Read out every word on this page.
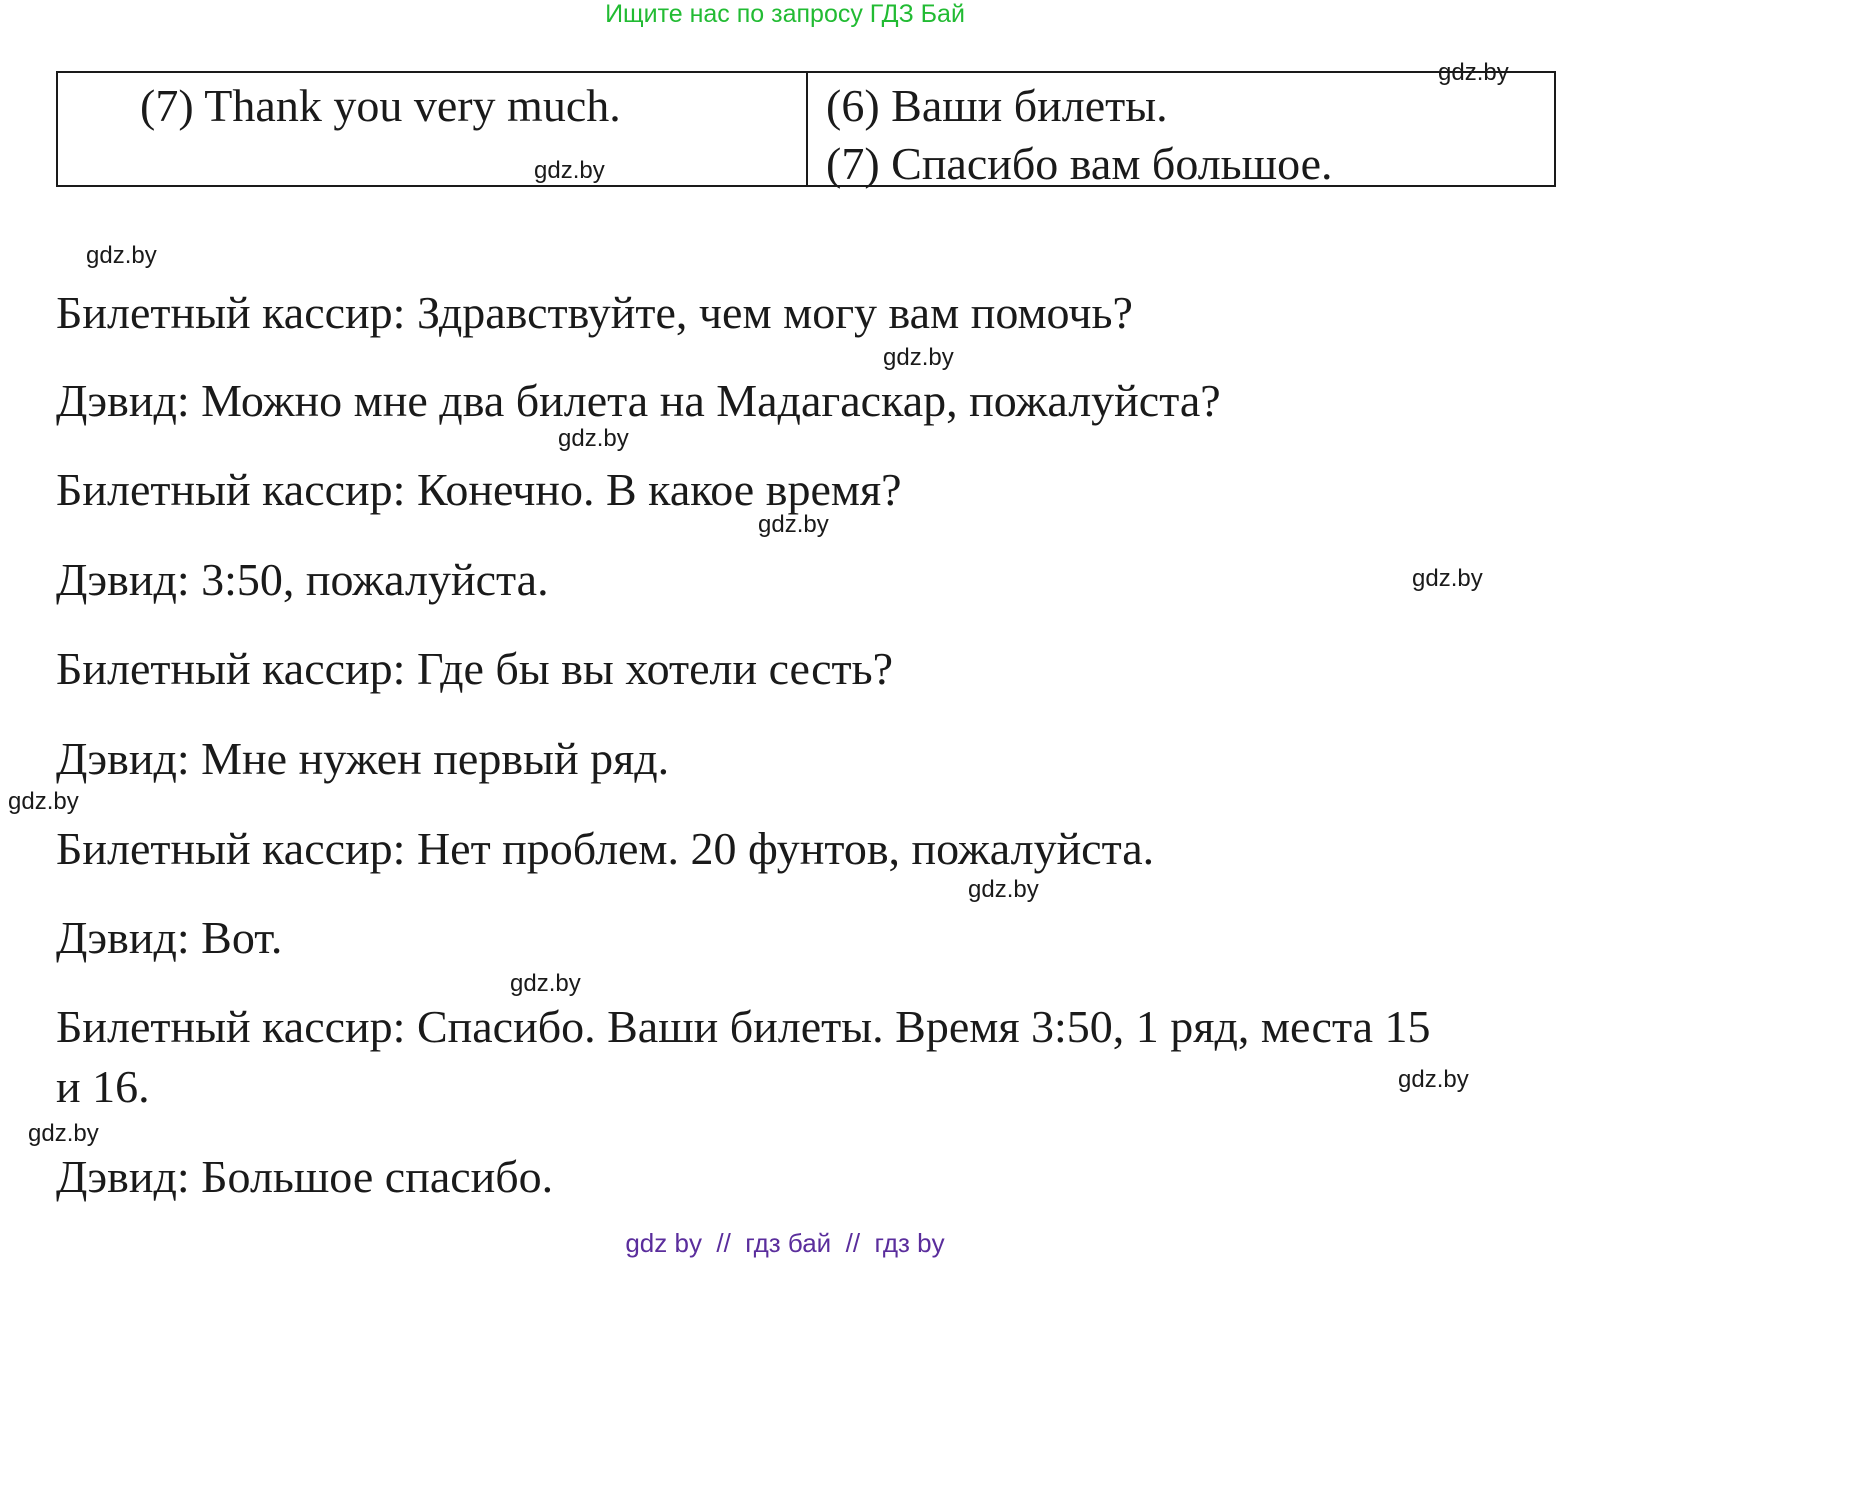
Ищите нас по запросу ГДЗ Бай
(7) Thank you very much.
gdz.by
(6) Ваши билеты.
(7) Спасибо вам большое.
gdz.by
gdz.by
Билетный кассир: Здравствуйте, чем могу вам помочь?
gdz.by
Дэвид: Можно мне два билета на Мадагаскар, пожалуйста?
gdz.by
Билетный кассир: Конечно. В какое время?
gdz.by
Дэвид: 3:50, пожалуйста.	gdz.by
Билетный кассир: Где бы вы хотели сесть?
Дэвид: Мне нужен первый ряд.
gdz.by
Билетный кассир: Нет проблем. 20 фунтов, пожалуйста.
gdz.by
Дэвид: Вот.
gdz.by
Билетный кассир: Спасибо. Ваши билеты. Время 3:50, 1 ряд, места 15
и 16.	gdz.by
gdz.by
Дэвид: Большое спасибо.
gdz by  //  гдз бай  //  гдз by
